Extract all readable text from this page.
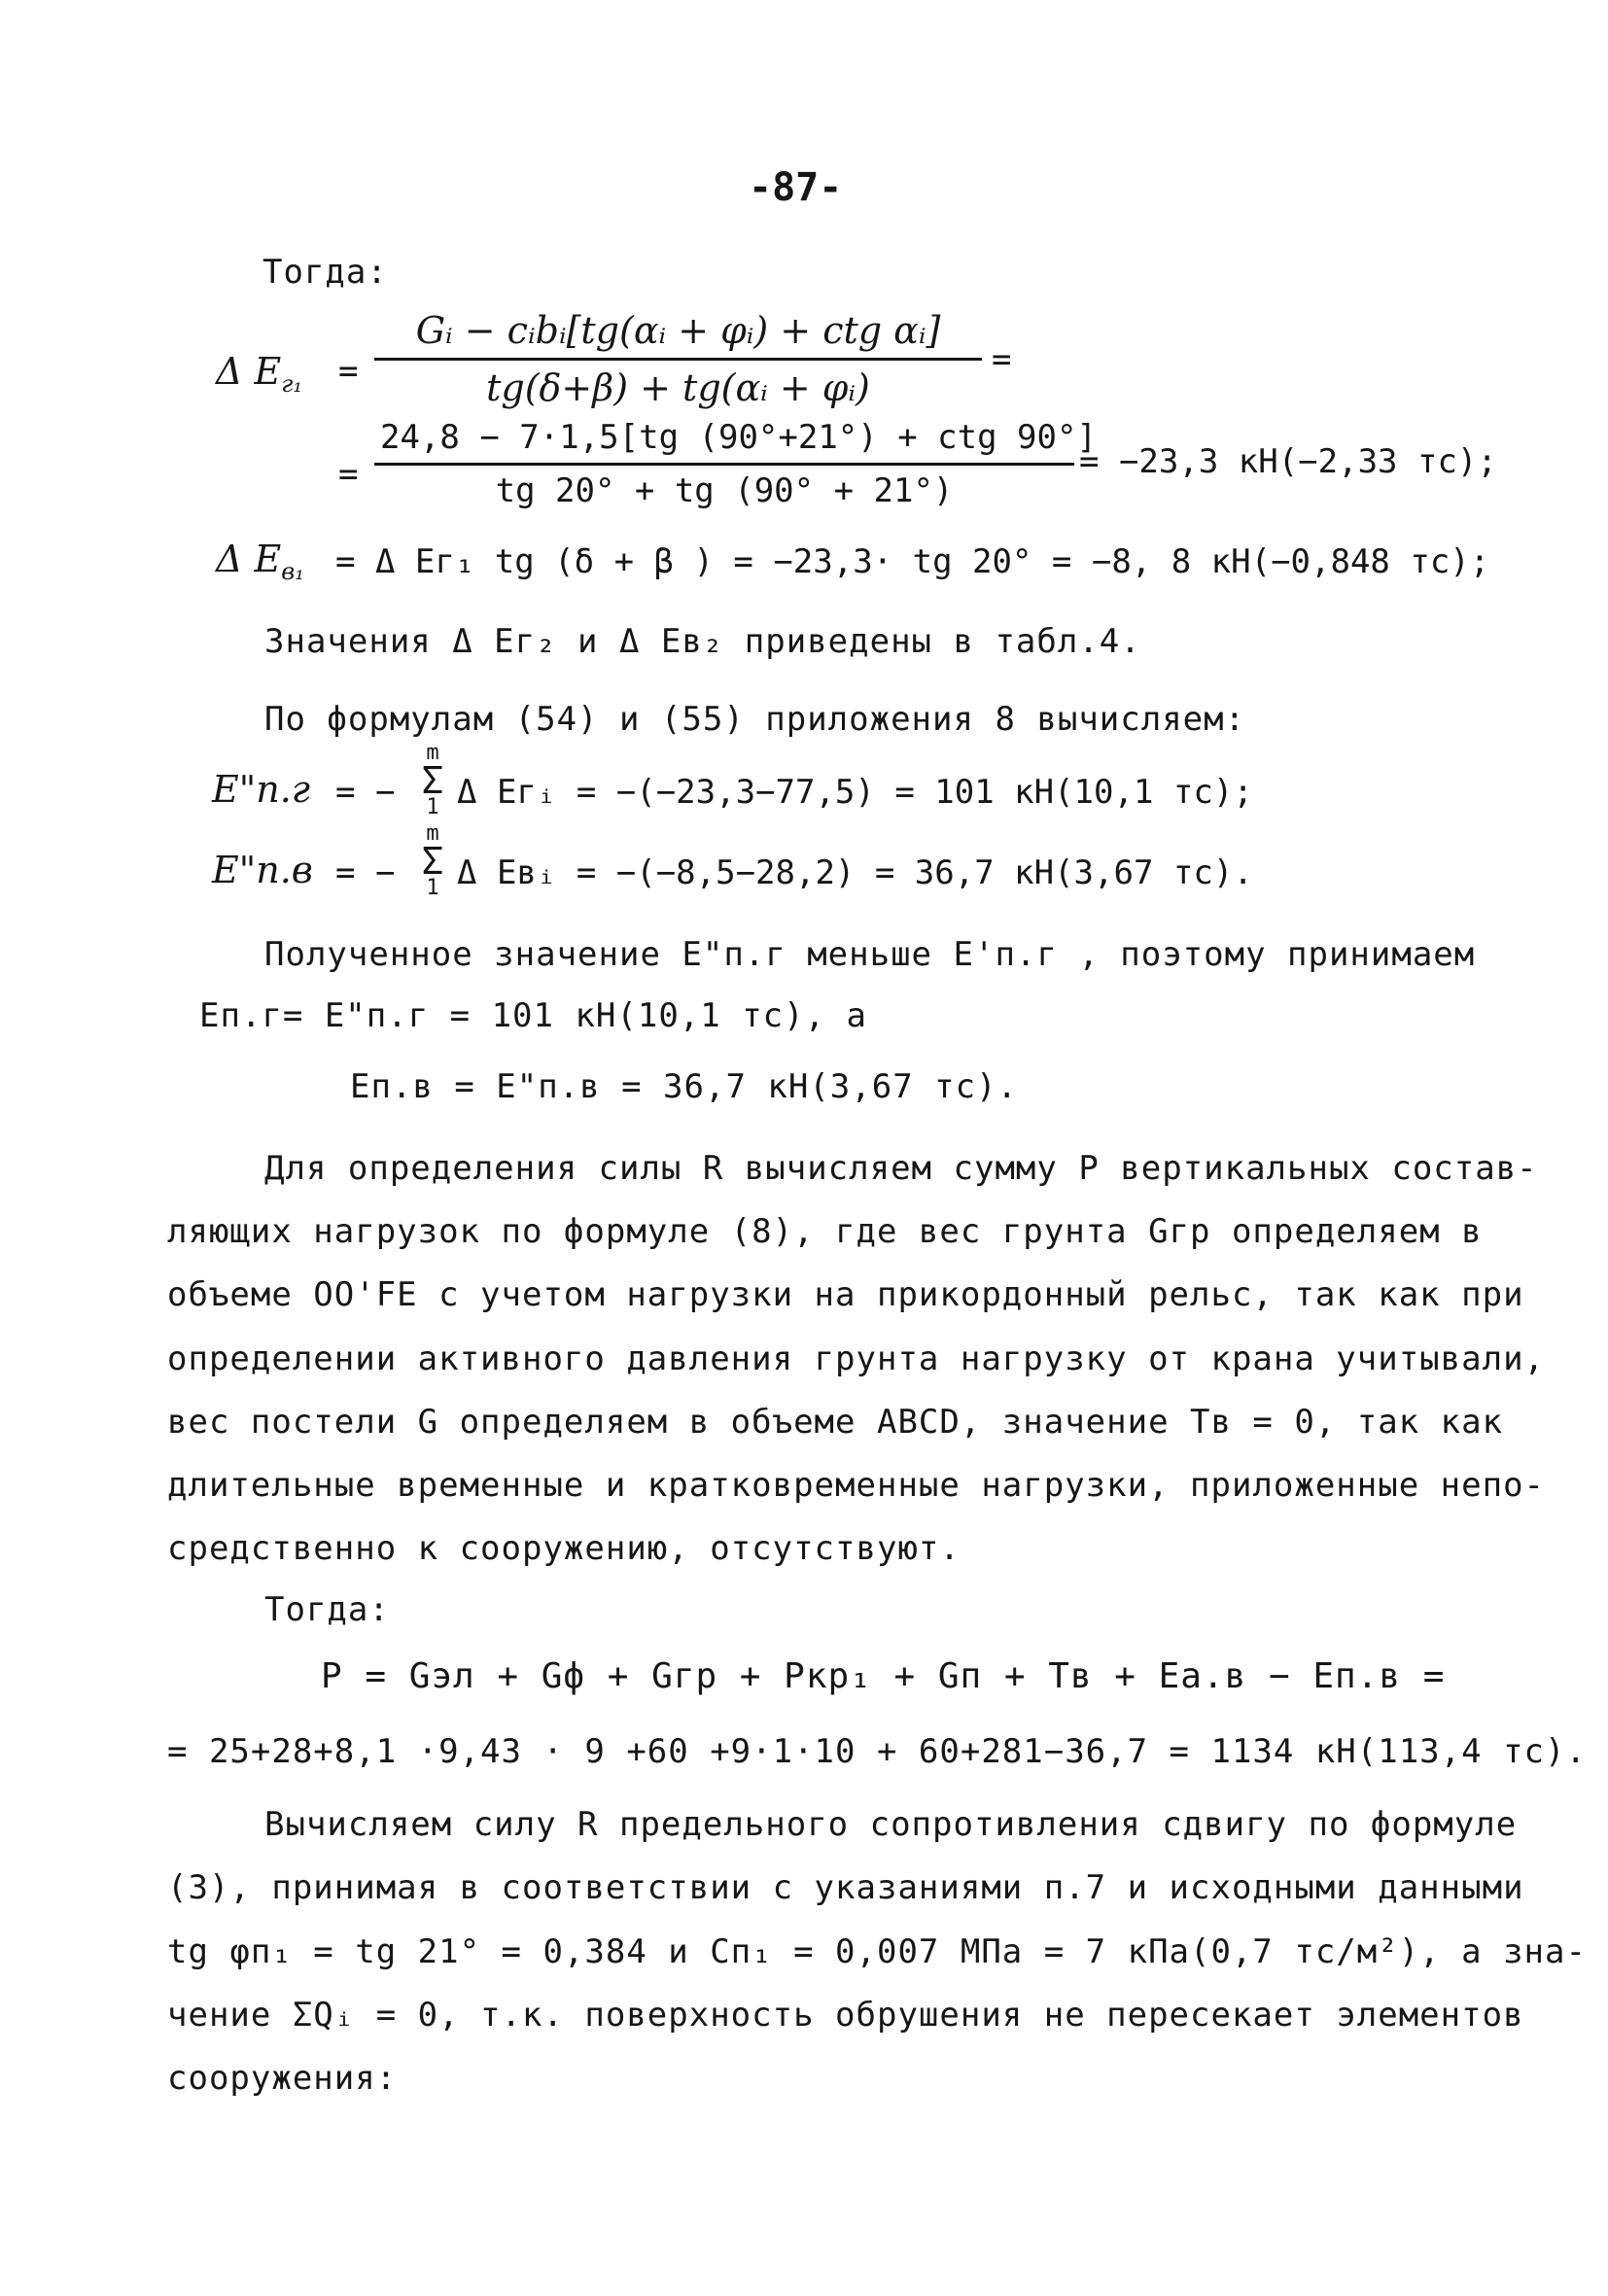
-87-
Тогда:
Δ $E_{г_1}$ =
Gᵢ − cᵢbᵢ[tg(αᵢ + φᵢ) + ctg αᵢ]
tg(δ+β) + tg(αᵢ + φᵢ)
=
=
24,8 − 7·1,5[tg (90°+21°) + ctg 90°]
tg 20° + tg (90° + 21°)
= −23,3 кН(−2,33 тс);
Δ $E_{в_1} = \Delta$ Eг₁ tg (δ + β ) = −23,3· tg 20° = −8, 8 кН(−0,848 тс);
Значения Δ Eг₂ и Δ Eв₂ приведены в табл.4.
По формулам (54) и (55) приложения 8 вычисляем:
E"п.г = −
m
Σ
1 Δ Eгᵢ = −(−23,3−77,5) = 101 кН(10,1 тс);
E"п.в = −
m
Σ
1 Δ Eвᵢ = −(−8,5−28,2) = 36,7 кН(3,67 тс).
Полученное значение E"п.г меньше E'п.г , поэтому принимаем
Eп.г= E"п.г = 101 кН(10,1 тс), а
Eп.в = E"п.в = 36,7 кН(3,67 тс).
Для определения силы R вычисляем сумму P вертикальных состав-
ляющих нагрузок по формуле (8), где вес грунта Gгр определяем в
объеме OO'FE с учетом нагрузки на прикордонный рельс, так как при
определении активного давления грунта нагрузку от крана учитывали,
вес постели G определяем в объеме ABCD, значение Tв = 0, так как
длительные временные и кратковременные нагрузки, приложенные непо-
средственно к сооружению, отсутствуют.
Тогда:
P = Gэл + Gф + Gгр + Pкр₁ + Gп + Tв + Eа.в − Eп.в =
= 25+28+8,1 ·9,43 · 9 +60 +9·1·10 + 60+281−36,7 = 1134 кН(113,4 тс).
Вычисляем силу R предельного сопротивления сдвигу по формуле
(3), принимая в соответствии с указаниями п.7 и исходными данными
tg φп₁ = tg 21° = 0,384 и Cп₁ = 0,007 МПа = 7 кПа(0,7 тс/м²), а зна-
чение ΣQᵢ = 0, т.к. поверхность обрушения не пересекает элементов
сооружения:
